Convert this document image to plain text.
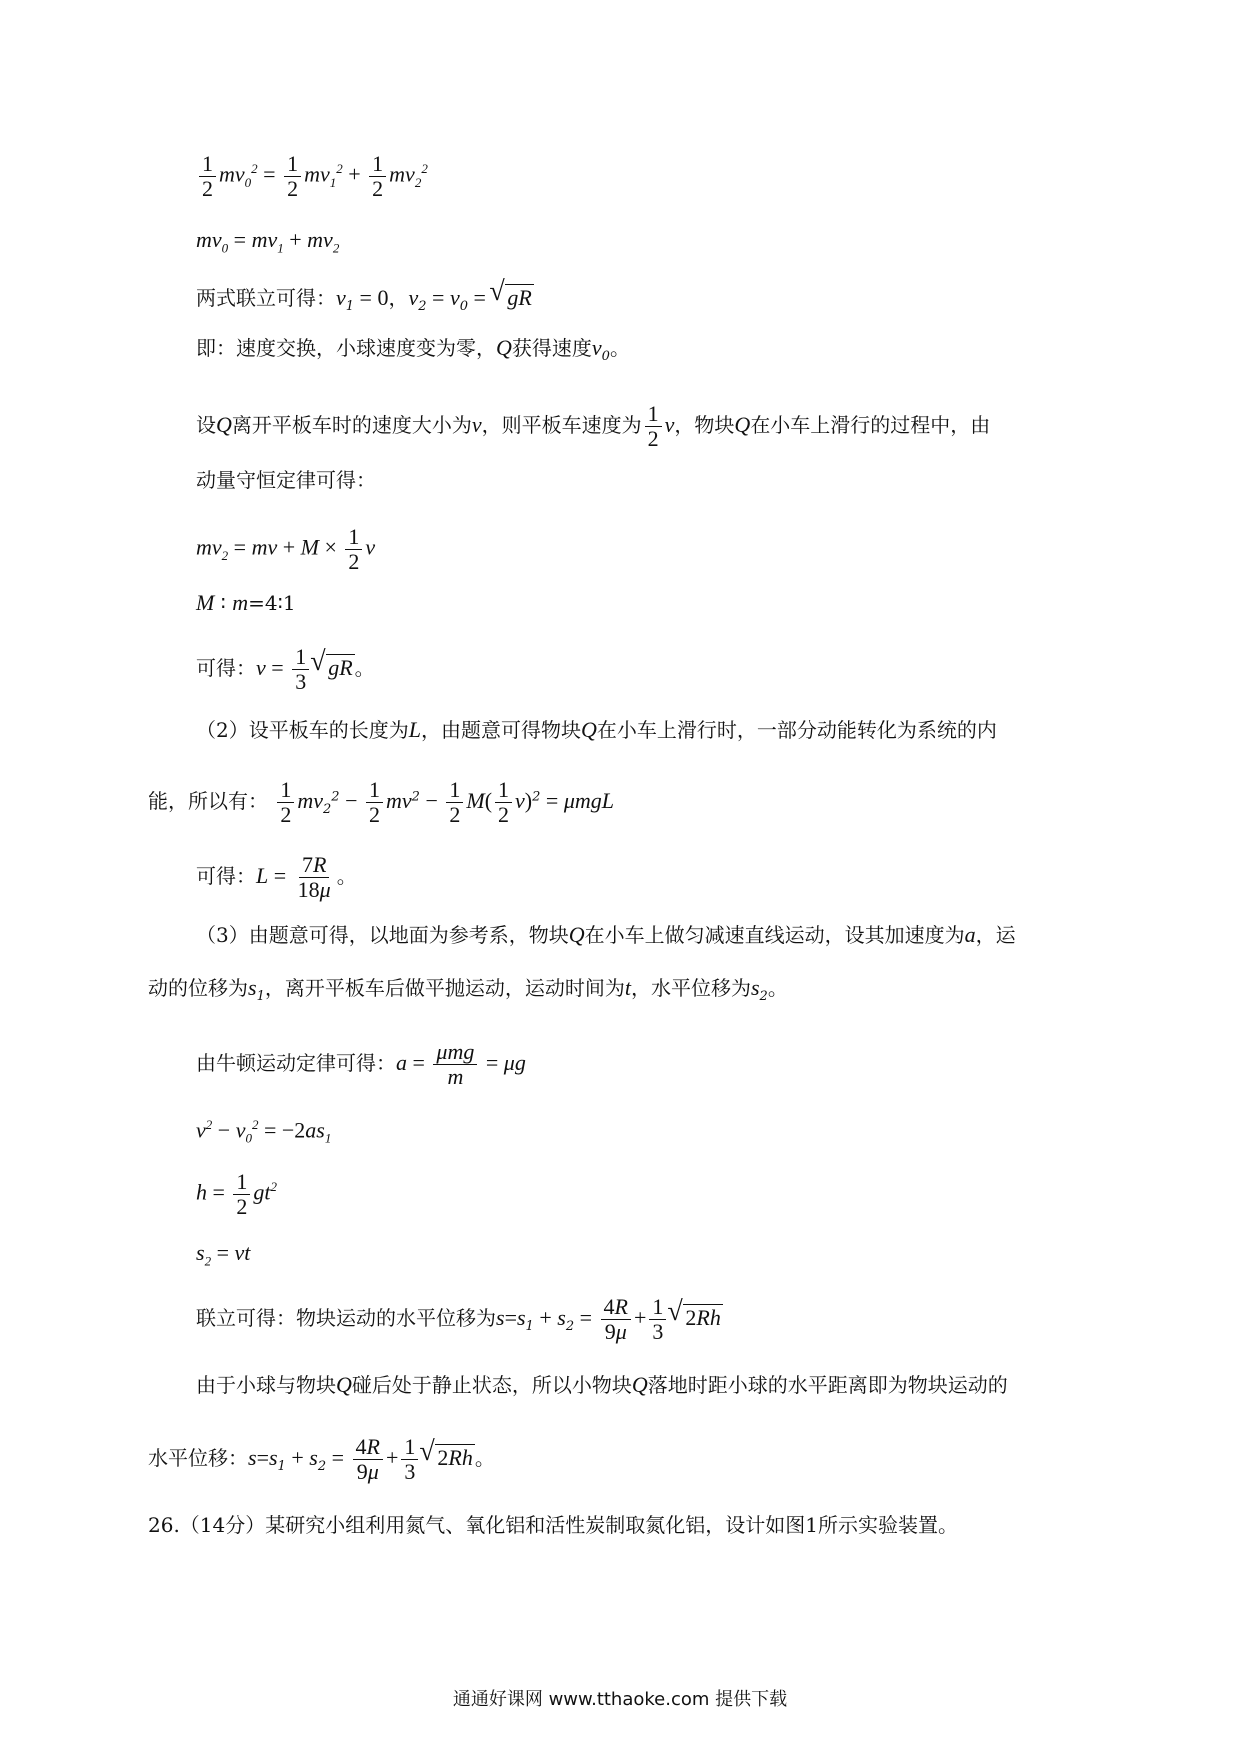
$\frac{1}{2} mv_0^2 = \frac{1}{2} mv_1^2 + \frac{1}{2} mv_2^2$
$mv_0 = mv_1 + mv_2$
两式联立可得：$v_1 = 0$，$v_2 = v_0$ = √ gR
即：速度交换，小球速度变为零，Q获得速度$v_0$。
设Q离开平板车时的速度大小为v，则平板车速度为 $\frac{1}{2}$ v，物块Q在小车上滑行的过程中，由
动量守恒定律可得：
$mv_2$ = mv + $M \times \frac{1}{2}$ v
M ∶ m=4∶1
可得：$v = \frac{1}{3}$ √ gR 。
（2）设平板车的长度为L，由题意可得物块Q在小车上滑行时，一部分动能转化为系统的内
能，所以有： $\frac{1}{2} mv_2^2 - \frac{1}{2} mv^2 - \frac{1}{2} M( \frac{1}{2} v)^2 = \mu mgL$
可得：$L = \frac{7R}{18\mu}$ 。
（3）由题意可得，以地面为参考系，物块Q在小车上做匀减速直线运动，设其加速度为a，运
动的位移为$s_1$，离开平板车后做平抛运动，运动时间为t，水平位移为$s_2$。
由牛顿运动定律可得：$a = \frac{\text{μmg}}{m} = \mu g$
$v^2 - v_0^2 = -2as_1$
$h = \frac{1}{2} gt^2$
$s_2$ = vt
联立可得：物块运动的水平位移为$s=s_1 + s_2 = \frac{4R}{9\mu} + \frac{1}{3}$ √ 2Rh
由于小球与物块Q碰后处于静止状态，所以小物块Q落地时距小球的水平距离即为物块运动的
水平位移：$s=s_1 + s_2 = \frac{4R}{9\mu} + \frac{1}{3}$ √ 2Rh 。
26.（14分）某研究小组利用氮气、氧化铝和活性炭制取氮化铝，设计如图1所示实验装置。
通通好课网 www.tthaoke.com 提供下载
